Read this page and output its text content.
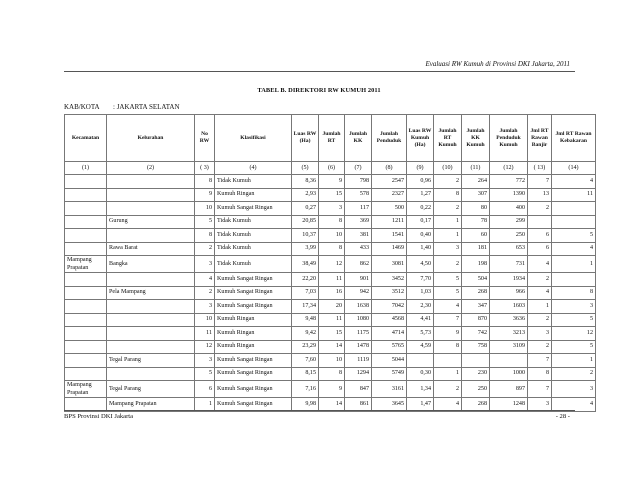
Evaluasi RW Kumuh di Provinsi DKI Jakarta, 2011
TABEL B. DIREKTORI RW KUMUH 2011
KAB/KOTA : JAKARTA SELATAN
Kecamatan	Kelurahan	No RW	Klasifikasi	Luas RW (Ha)	Jumlah RT	Jumlah KK	Jumlah Penduduk	Luas RW Kumuh (Ha)	Jumlah RT Kumuh	Jumlah KK Kumuh	Jumlah Penduduk Kumuh	Jml RT Rawan Banjir	Jml RT Rawan Kebakaran
(1)	(2)	( 3)	(4)	(5)	(6)	(7)	(8)	(9)	(10)	(11)	(12)	( 13)	(14)
		8	Tidak Kumuh	8,36	9	798	2547	0,96	2	264	772	7	4
		9	Kumuh Ringan	2,93	15	578	2327	1,27	8	307	1390	13	11
		10	Kumuh Sangat Ringan	0,27	3	117	500	0,22	2	80	400	2	
	Gurung	5	Tidak Kumuh	20,85	8	369	1211	0,17	1	78	299		
		8	Tidak Kumuh	10,37	10	381	1541	0,40	1	60	250	6	5
	Rawa Barat	2	Tidak Kumuh	3,99	8	433	1469	1,40	3	181	653	6	4
Mampang Prapatan	Bangka	3	Tidak Kumuh	38,49	12	862	3081	4,50	2	198	731	4	1
		4	Kumuh Sangat Ringan	22,20	11	901	3452	7,70	5	504	1934	2	
	Pela Mampang	2	Kumuh Sangat Ringan	7,03	16	942	3512	1,03	5	268	966	4	8
		3	Kumuh Sangat Ringan	17,34	20	1638	7042	2,30	4	347	1603	1	3
		10	Kumuh Ringan	9,48	11	1080	4568	4,41	7	870	3636	2	5
		11	Kumuh Ringan	9,42	15	1175	4714	5,73	9	742	3213	3	12
		12	Kumuh Ringan	23,29	14	1478	5765	4,59	8	758	3109	2	5
	Tegal Parang	3	Kumuh Sangat Ringan	7,60	10	1119	5044					7	1
		5	Kumuh Sangat Ringan	8,15	8	1294	5749	0,30	1	230	1000	8	2
Mampang Prapatan	Tegal Parang	6	Kumuh Sangat Ringan	7,16	9	847	3161	1,34	2	250	897	7	3
	Mampang Prapatan	1	Kumuh Sangat Ringan	9,98	14	861	3645	1,47	4	268	1248	3	4
BPS Provinsi DKI Jakarta	- 28 -
